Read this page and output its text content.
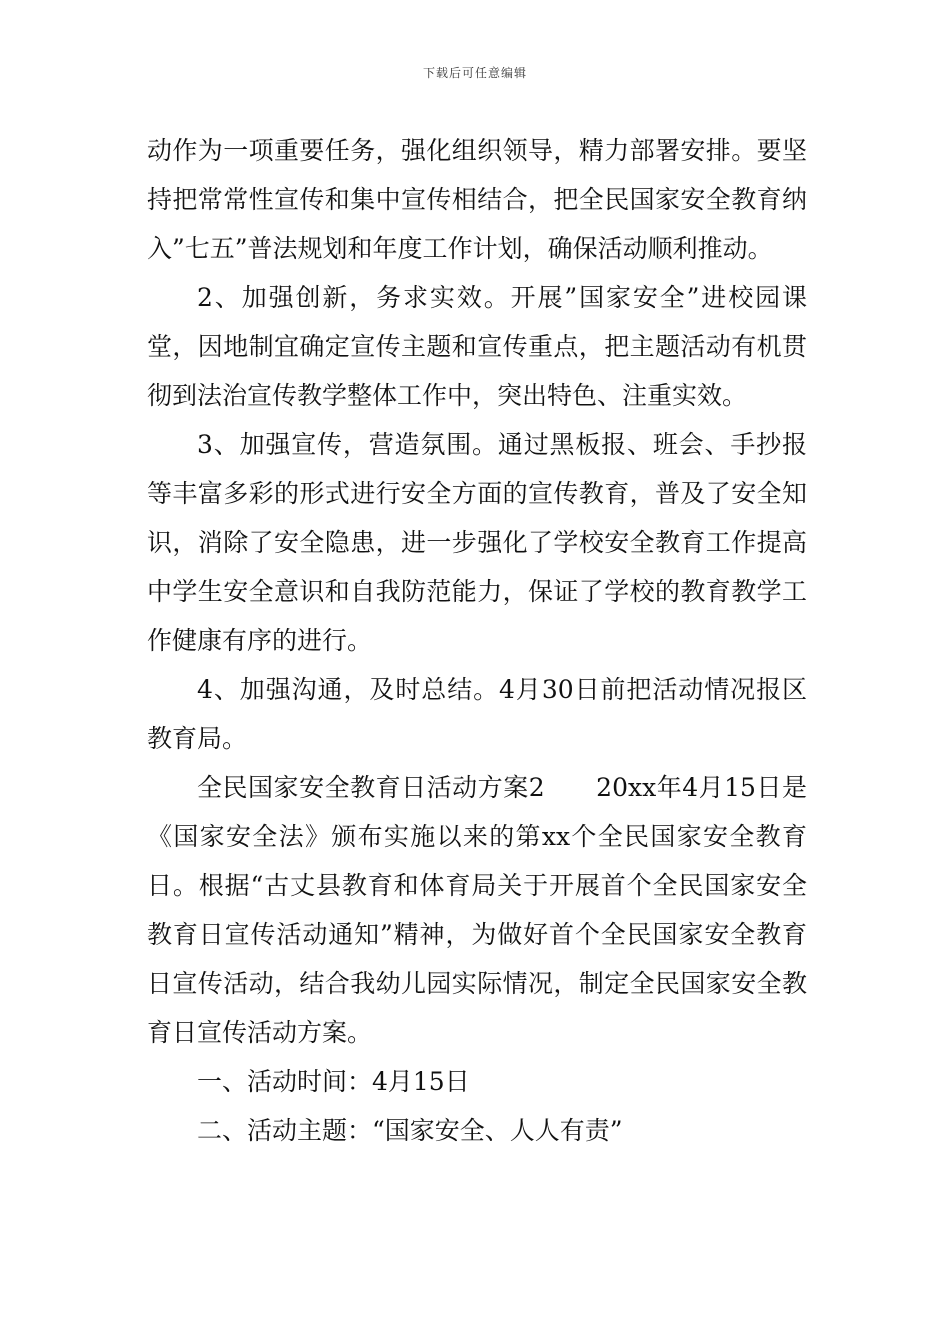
下载后可任意编辑

动作为一项重要任务，强化组织领导，精力部署安排。要坚持把常常性宣传和集中宣传相结合，把全民国家安全教育纳入”七五”普法规划和年度工作计划，确保活动顺利推动。

2、加强创新，务求实效。开展”国家安全”进校园课堂，因地制宜确定宣传主题和宣传重点，把主题活动有机贯彻到法治宣传教学整体工作中，突出特色、注重实效。

3、加强宣传，营造氛围。通过黑板报、班会、手抄报等丰富多彩的形式进行安全方面的宣传教育，普及了安全知识，消除了安全隐患，进一步强化了学校安全教育工作提高中学生安全意识和自我防范能力，保证了学校的教育教学工作健康有序的进行。

4、加强沟通，及时总结。4月30日前把活动情况报区教育局。

全民国家安全教育日活动方案2　　20xx年4月15日是《国家安全法》颁布实施以来的第xx个全民国家安全教育日。根据“古丈县教育和体育局关于开展首个全民国家安全教育日宣传活动通知”精神，为做好首个全民国家安全教育日宣传活动，结合我幼儿园实际情况，制定全民国家安全教育日宣传活动方案。

一、活动时间：4月15日

二、活动主题：“国家安全、人人有责”
